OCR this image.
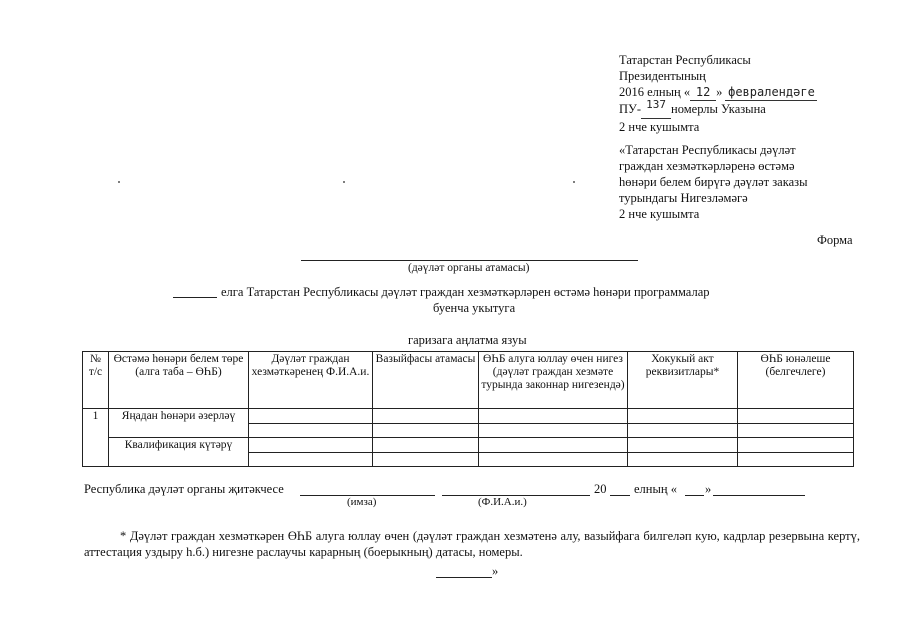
Татарстан Республикасы
Президентының
2016 елның « 12 » февралендәге
ПУ- 137 номерлы Указына
2 нче кушымта
«Татарстан Республикасы дәүләт
граждан хезмәткәрләренә өстәмә
һөнәри белем бирүгә дәүләт заказы
турындагы Нигезләмәгә
2 нче кушымта
Форма
(дәүләт органы атамасы)
елга Татарстан Республикасы дәүләт граждан хезмәткәрләрен өстәмә һөнәри программалар
буенча укытуга
гаризага аңлатма язуы
№ т/с	Өстәмә һөнәри белем төре (алга таба – ӨҺБ)	Дәүләт граждан хезмәткәренең Ф.И.А.и.	Вазыйфасы атамасы	ӨҺБ алуга юллау өчен нигез (дәүләт граждан хезмәте турында законнар нигезендә)	Хокукый акт реквизитлары*	ӨҺБ юнәлеше (белгечлеге)
1	Яңадан һөнәри әзерләү					

	Квалификация күтәрү					

Республика дәүләт органы җитәкчесе	20 елның « »
(имза)	(Ф.И.А.и.)
* Дәүләт граждан хезмәткәрен ӨҺБ алуга юллау өчен (дәүләт граждан хезмәтенә алу, вазыйфага билгеләп кую, кадрлар резервына кертү, аттестация уздыру h.б.) нигезне раслаучы карарның (боерыкның) датасы, номеры.
»
